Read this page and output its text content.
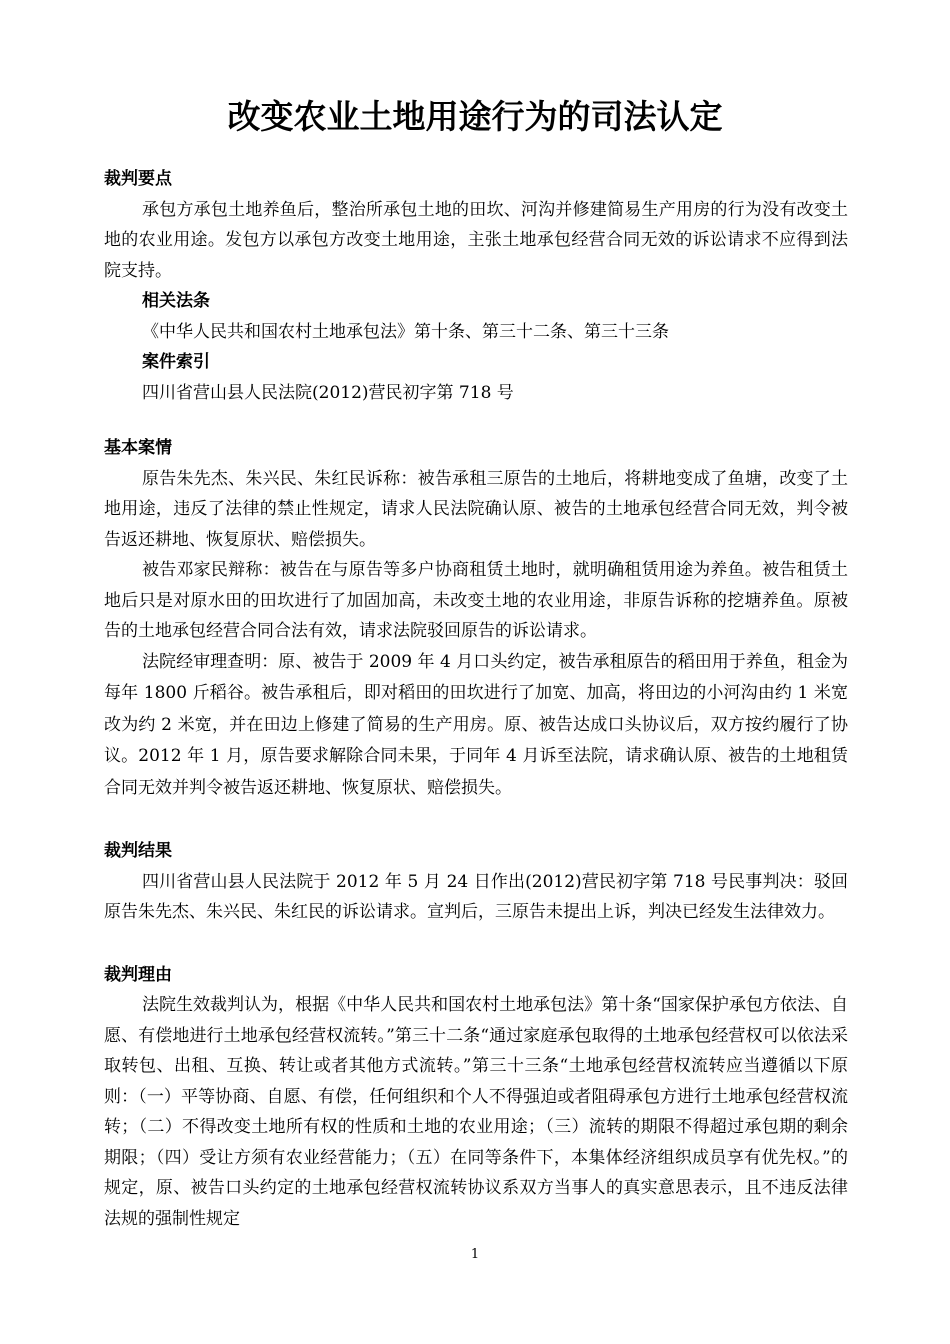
改变农业土地用途行为的司法认定
裁判要点

承包方承包土地养鱼后，整治所承包土地的田坎、河沟并修建简易生产用房的行为没有改变土地的农业用途。发包方以承包方改变土地用途，主张土地承包经营合同无效的诉讼请求不应得到法院支持。

相关法条

《中华人民共和国农村土地承包法》第十条、第三十二条、第三十三条

案件索引

四川省营山县人民法院(2012)营民初字第 718 号

基本案情

原告朱先杰、朱兴民、朱红民诉称：被告承租三原告的土地后，将耕地变成了鱼塘，改变了土地用途，违反了法律的禁止性规定，请求人民法院确认原、被告的土地承包经营合同无效，判令被告返还耕地、恢复原状、赔偿损失。

被告邓家民辩称：被告在与原告等多户协商租赁土地时，就明确租赁用途为养鱼。被告租赁土地后只是对原水田的田坎进行了加固加高，未改变土地的农业用途，非原告诉称的挖塘养鱼。原被告的土地承包经营合同合法有效，请求法院驳回原告的诉讼请求。

法院经审理查明：原、被告于 2009 年 4 月口头约定，被告承租原告的稻田用于养鱼，租金为每年 1800 斤稻谷。被告承租后，即对稻田的田坎进行了加宽、加高，将田边的小河沟由约 1 米宽改为约 2 米宽，并在田边上修建了简易的生产用房。原、被告达成口头协议后，双方按约履行了协议。2012 年 1 月，原告要求解除合同未果，于同年 4 月诉至法院，请求确认原、被告的土地租赁合同无效并判令被告返还耕地、恢复原状、赔偿损失。

裁判结果

四川省营山县人民法院于 2012 年 5 月 24 日作出(2012)营民初字第 718 号民事判决：驳回原告朱先杰、朱兴民、朱红民的诉讼请求。宣判后，三原告未提出上诉，判决已经发生法律效力。

裁判理由

法院生效裁判认为，根据《中华人民共和国农村土地承包法》第十条“国家保护承包方依法、自愿、有偿地进行土地承包经营权流转。”第三十二条“通过家庭承包取得的土地承包经营权可以依法采取转包、出租、互换、转让或者其他方式流转。”第三十三条“土地承包经营权流转应当遵循以下原则：（一）平等协商、自愿、有偿，任何组织和个人不得强迫或者阻碍承包方进行土地承包经营权流转；（二）不得改变土地所有权的性质和土地的农业用途；（三）流转的期限不得超过承包期的剩余期限；（四）受让方须有农业经营能力；（五）在同等条件下，本集体经济组织成员享有优先权。”的规定，原、被告口头约定的土地承包经营权流转协议系双方当事人的真实意思表示，且不违反法律法规的强制性规定

1
